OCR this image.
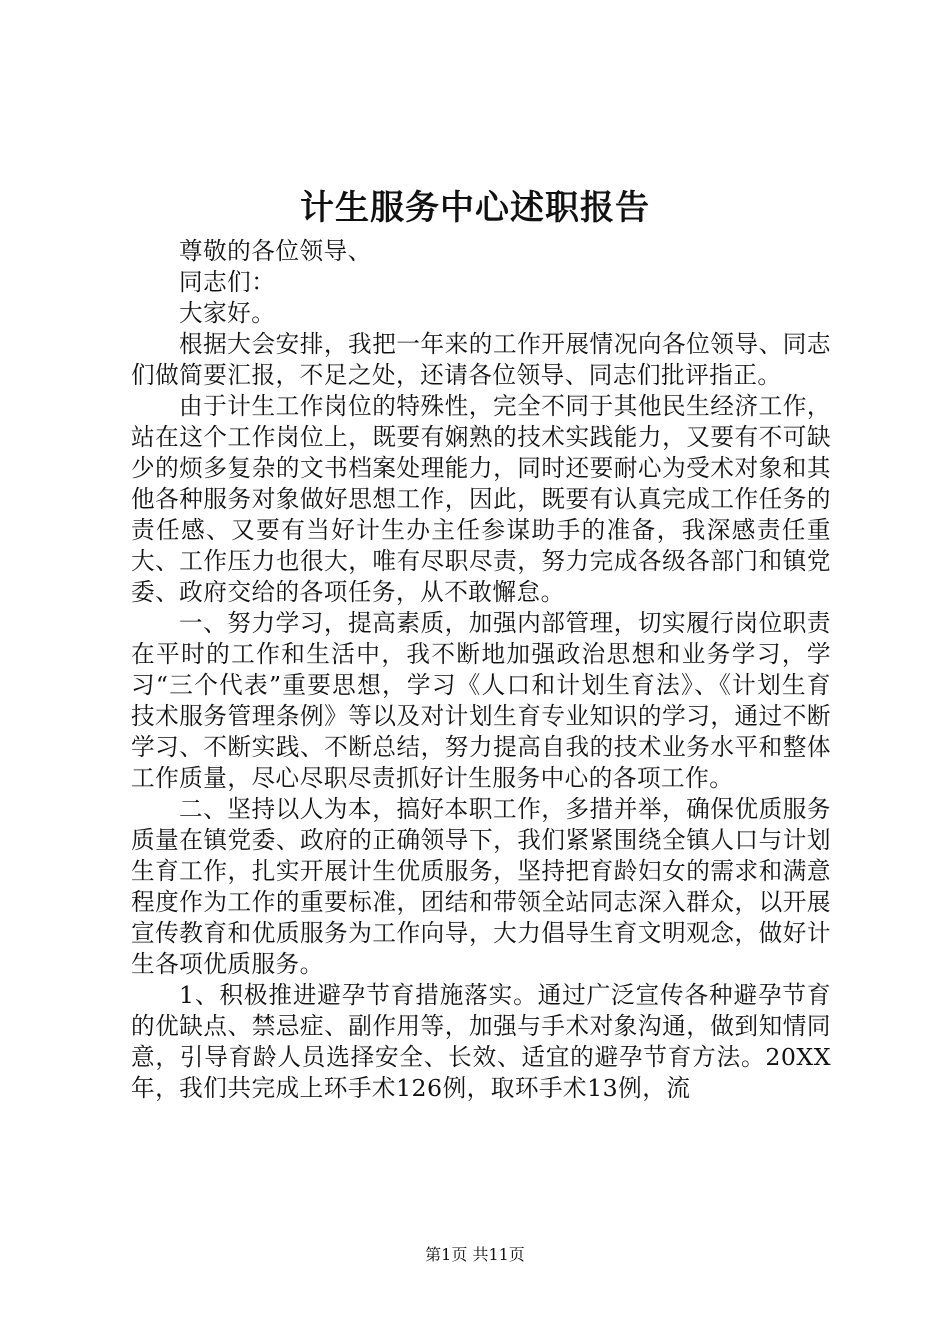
计生服务中心述职报告

尊敬的各位领导、

同志们：

大家好。

根据大会安排，我把一年来的工作开展情况向各位领导、同志们做简要汇报，不足之处，还请各位领导、同志们批评指正。

由于计生工作岗位的特殊性，完全不同于其他民生经济工作，站在这个工作岗位上，既要有娴熟的技术实践能力，又要有不可缺少的烦多复杂的文书档案处理能力，同时还要耐心为受术对象和其他各种服务对象做好思想工作，因此，既要有认真完成工作任务的责任感、又要有当好计生办主任参谋助手的准备，我深感责任重大、工作压力也很大，唯有尽职尽责，努力完成各级各部门和镇党委、政府交给的各项任务，从不敢懈怠。

一、努力学习，提高素质，加强内部管理，切实履行岗位职责在平时的工作和生活中，我不断地加强政治思想和业务学习，学习“三个代表”重要思想，学习《人口和计划生育法》、《计划生育技术服务管理条例》等以及对计划生育专业知识的学习，通过不断学习、不断实践、不断总结，努力提高自我的技术业务水平和整体工作质量，尽心尽职尽责抓好计生服务中心的各项工作。

二、坚持以人为本，搞好本职工作，多措并举，确保优质服务质量在镇党委、政府的正确领导下，我们紧紧围绕全镇人口与计划生育工作，扎实开展计生优质服务，坚持把育龄妇女的需求和满意程度作为工作的重要标准，团结和带领全站同志深入群众，以开展宣传教育和优质服务为工作向导，大力倡导生育文明观念，做好计生各项优质服务。

1、积极推进避孕节育措施落实。通过广泛宣传各种避孕节育的优缺点、禁忌症、副作用等，加强与手术对象沟通，做到知情同意，引导育龄人员选择安全、长效、适宜的避孕节育方法。20XX年，我们共完成上环手术126例，取环手术13例，流

第1页 共11页
